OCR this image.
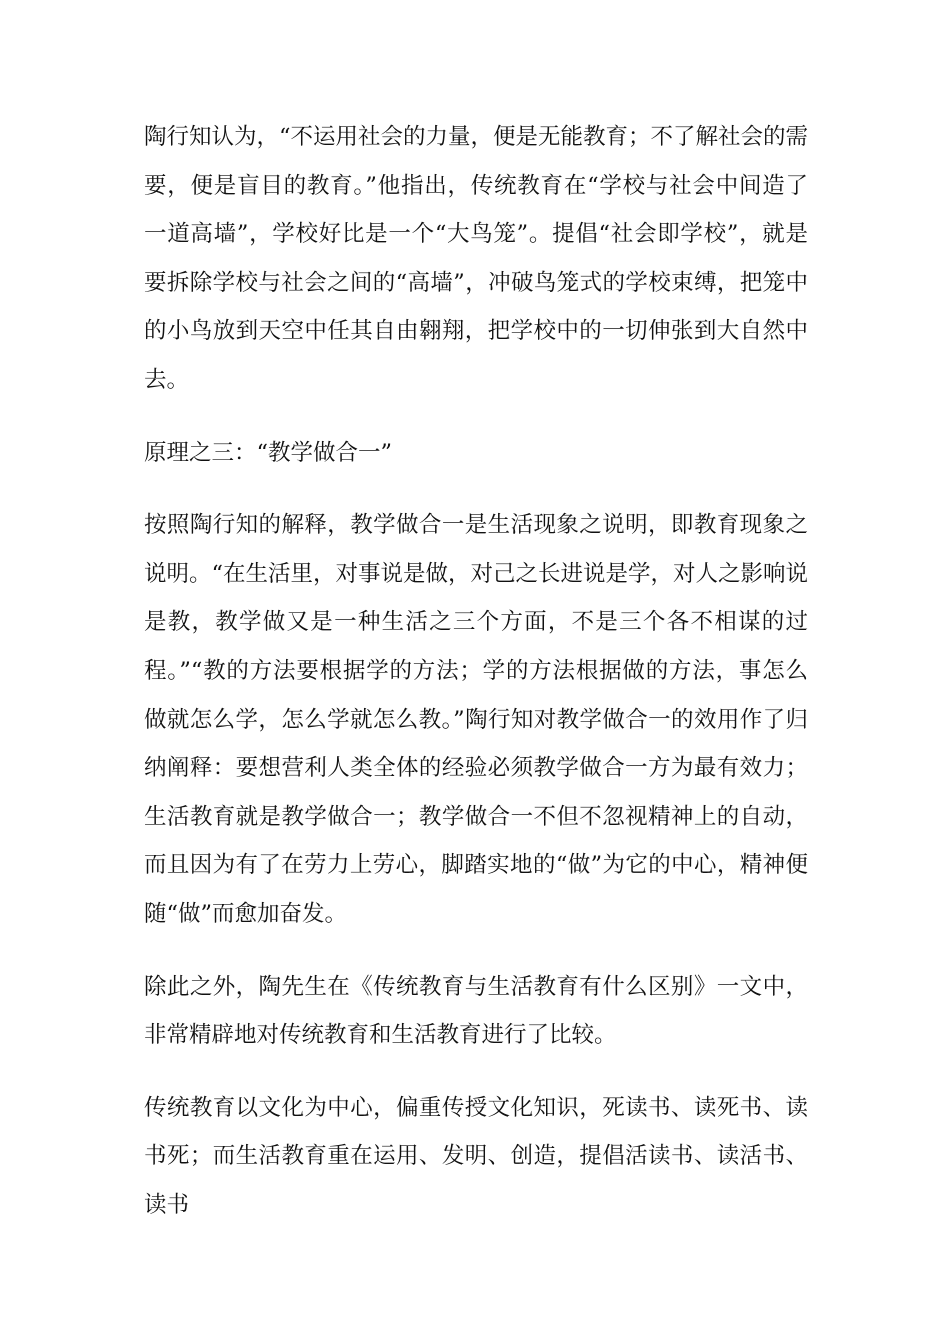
陶行知认为，“不运用社会的力量，便是无能教育；不了解社会的需要，便是盲目的教育。”他指出，传统教育在“学校与社会中间造了一道高墙”，学校好比是一个“大鸟笼”。提倡“社会即学校”，就是要拆除学校与社会之间的“高墙”，冲破鸟笼式的学校束缚，把笼中的小鸟放到天空中任其自由翱翔，把学校中的一切伸张到大自然中去。

原理之三：“教学做合一”

按照陶行知的解释，教学做合一是生活现象之说明，即教育现象之说明。“在生活里，对事说是做，对己之长进说是学，对人之影响说是教，教学做又是一种生活之三个方面，不是三个各不相谋的过程。”“教的方法要根据学的方法；学的方法根据做的方法，事怎么做就怎么学，怎么学就怎么教。”陶行知对教学做合一的效用作了归纳阐释：要想营利人类全体的经验必须教学做合一方为最有效力；生活教育就是教学做合一；教学做合一不但不忽视精神上的自动，而且因为有了在劳力上劳心，脚踏实地的“做”为它的中心，精神便随“做”而愈加奋发。

除此之外，陶先生在《传统教育与生活教育有什么区别》一文中，非常精辟地对传统教育和生活教育进行了比较。

传统教育以文化为中心，偏重传授文化知识，死读书、读死书、读书死；而生活教育重在运用、发明、创造，提倡活读书、读活书、读书
